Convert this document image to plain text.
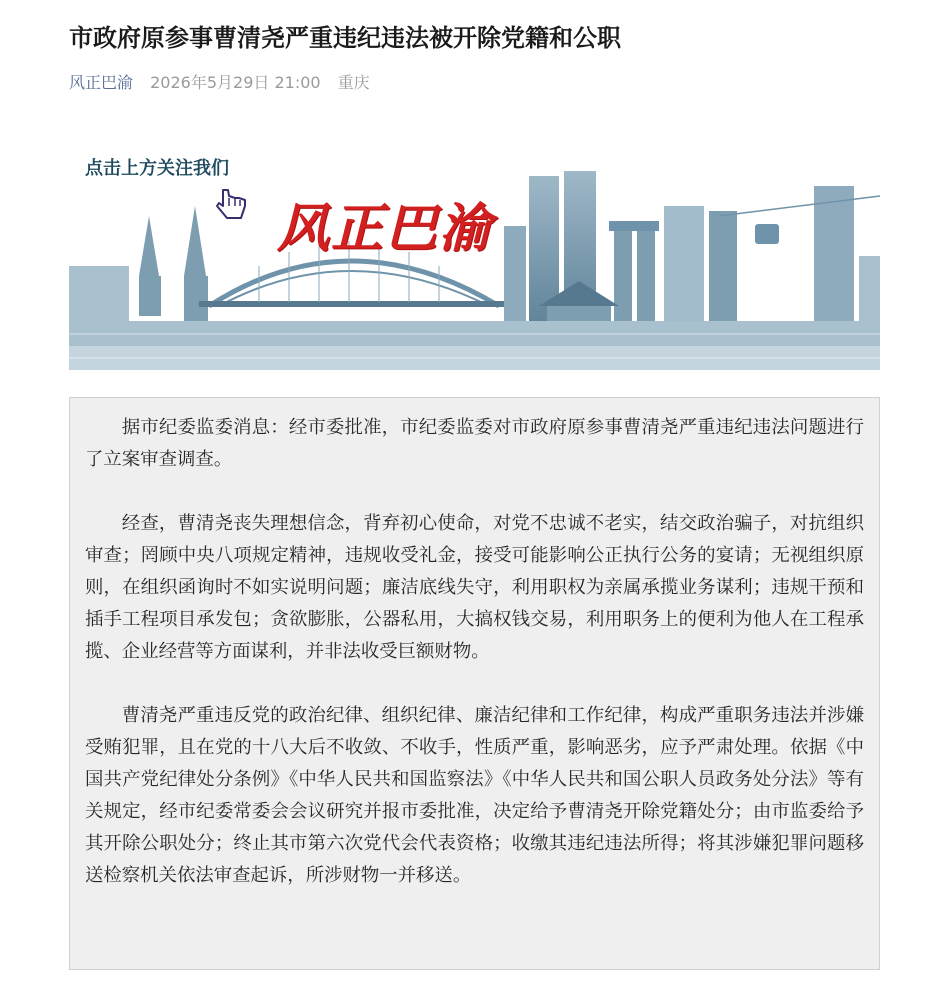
市政府原参事曹清尧严重违纪违法被开除党籍和公职
风正巴渝 2026年5月29日 21:00 重庆
点击上方关注我们
风正巴渝

据市纪委监委消息：经市委批准，市纪委监委对市政府原参事曹清尧严重违纪违法问题进行了立案审查调查。

经查，曹清尧丧失理想信念，背弃初心使命，对党不忠诚不老实，结交政治骗子，对抗组织审查；罔顾中央八项规定精神，违规收受礼金，接受可能影响公正执行公务的宴请；无视组织原则，在组织函询时不如实说明问题；廉洁底线失守，利用职权为亲属承揽业务谋利；违规干预和插手工程项目承发包；贪欲膨胀，公器私用，大搞权钱交易，利用职务上的便利为他人在工程承揽、企业经营等方面谋利，并非法收受巨额财物。

曹清尧严重违反党的政治纪律、组织纪律、廉洁纪律和工作纪律，构成严重职务违法并涉嫌受贿犯罪，且在党的十八大后不收敛、不收手，性质严重，影响恶劣，应予严肃处理。依据《中国共产党纪律处分条例》《中华人民共和国监察法》《中华人民共和国公职人员政务处分法》等有关规定，经市纪委常委会会议研究并报市委批准，决定给予曹清尧开除党籍处分；由市监委给予其开除公职处分；终止其市第六次党代会代表资格；收缴其违纪违法所得；将其涉嫌犯罪问题移送检察机关依法审查起诉，所涉财物一并移送。
